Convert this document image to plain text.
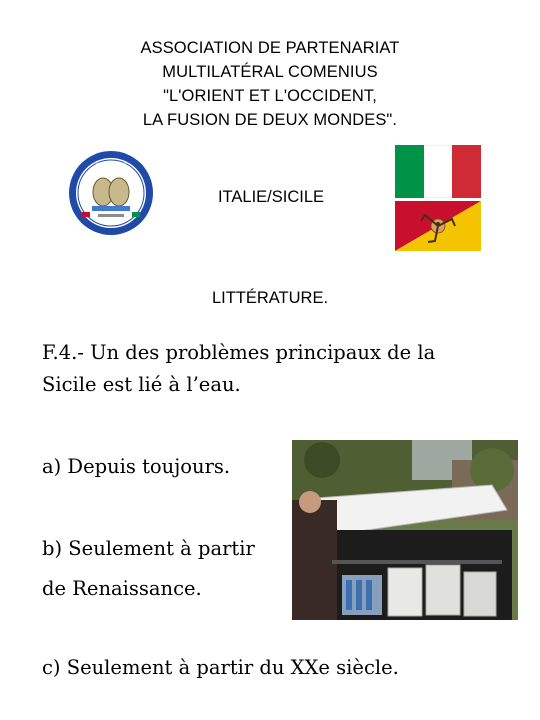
ASSOCIATION DE PARTENARIAT
MULTILATÉRAL COMENIUS
"L'ORIENT ET L'OCCIDENT,
LA FUSION DE DEUX MONDES".
~ ~ ~ ~ ~ ~
ITALIE/SICILE
LITTÉRATURE.
F.4.- Un des problèmes principaux de la
Sicile est lié à l’eau.
a) Depuis toujours.
b) Seulement à partir
de Renaissance.
c) Seulement à partir du XXe siècle.
